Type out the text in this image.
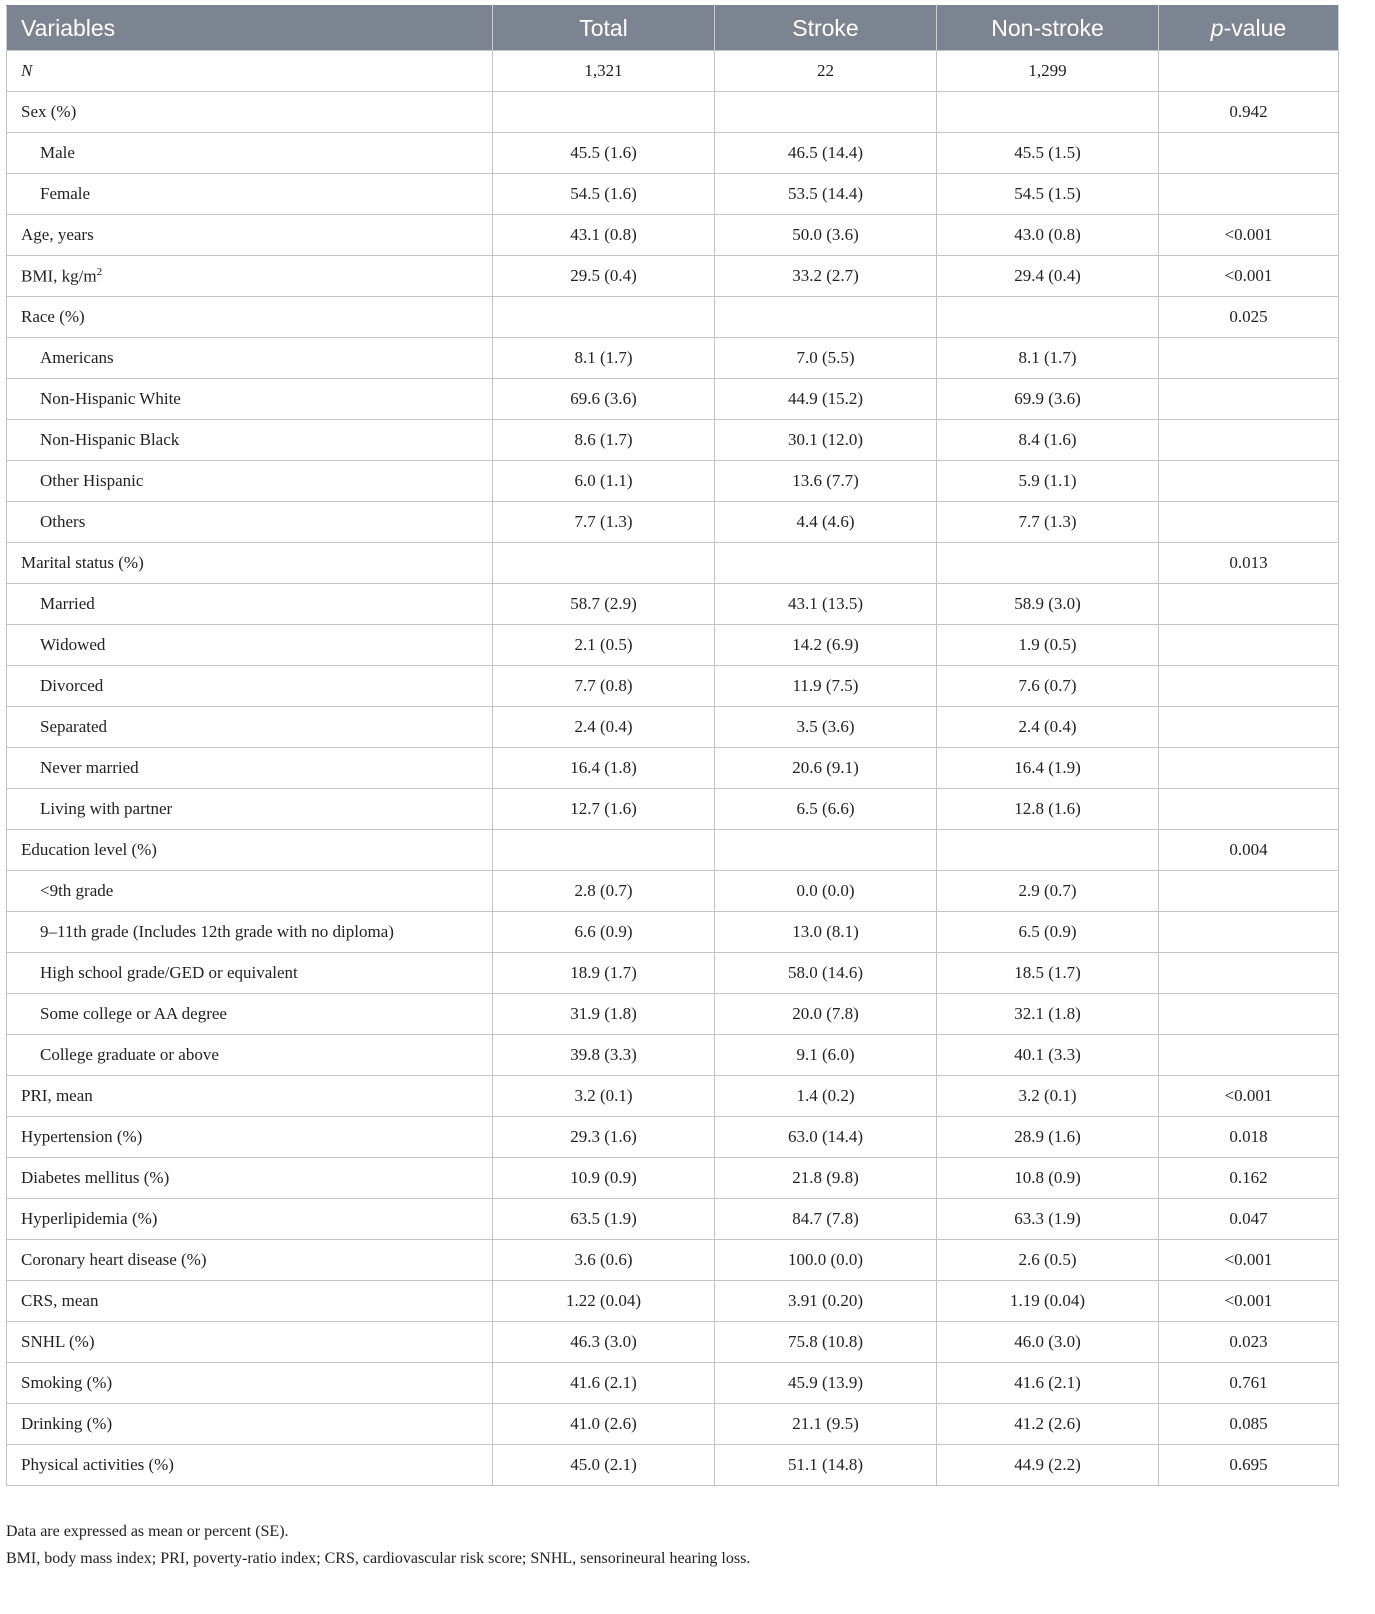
Variables	Total	Stroke	Non-stroke	p-value
N	1,321	22	1,299	
Sex (%)				0.942
Male	45.5 (1.6)	46.5 (14.4)	45.5 (1.5)	
Female	54.5 (1.6)	53.5 (14.4)	54.5 (1.5)	
Age, years	43.1 (0.8)	50.0 (3.6)	43.0 (0.8)	<0.001
BMI, $kg/m^2$	29.5 (0.4)	33.2 (2.7)	29.4 (0.4)	<0.001
Race (%)				0.025
Americans	8.1 (1.7)	7.0 (5.5)	8.1 (1.7)	
Non-Hispanic White	69.6 (3.6)	44.9 (15.2)	69.9 (3.6)	
Non-Hispanic Black	8.6 (1.7)	30.1 (12.0)	8.4 (1.6)	
Other Hispanic	6.0 (1.1)	13.6 (7.7)	5.9 (1.1)	
Others	7.7 (1.3)	4.4 (4.6)	7.7 (1.3)	
Marital status (%)				0.013
Married	58.7 (2.9)	43.1 (13.5)	58.9 (3.0)	
Widowed	2.1 (0.5)	14.2 (6.9)	1.9 (0.5)	
Divorced	7.7 (0.8)	11.9 (7.5)	7.6 (0.7)	
Separated	2.4 (0.4)	3.5 (3.6)	2.4 (0.4)	
Never married	16.4 (1.8)	20.6 (9.1)	16.4 (1.9)	
Living with partner	12.7 (1.6)	6.5 (6.6)	12.8 (1.6)	
Education level (%)				0.004
<9th grade	2.8 (0.7)	0.0 (0.0)	2.9 (0.7)	
9–11th grade (Includes 12th grade with no diploma)	6.6 (0.9)	13.0 (8.1)	6.5 (0.9)	
High school grade/GED or equivalent	18.9 (1.7)	58.0 (14.6)	18.5 (1.7)	
Some college or AA degree	31.9 (1.8)	20.0 (7.8)	32.1 (1.8)	
College graduate or above	39.8 (3.3)	9.1 (6.0)	40.1 (3.3)	
PRI, mean	3.2 (0.1)	1.4 (0.2)	3.2 (0.1)	<0.001
Hypertension (%)	29.3 (1.6)	63.0 (14.4)	28.9 (1.6)	0.018
Diabetes mellitus (%)	10.9 (0.9)	21.8 (9.8)	10.8 (0.9)	0.162
Hyperlipidemia (%)	63.5 (1.9)	84.7 (7.8)	63.3 (1.9)	0.047
Coronary heart disease (%)	3.6 (0.6)	100.0 (0.0)	2.6 (0.5)	<0.001
CRS, mean	1.22 (0.04)	3.91 (0.20)	1.19 (0.04)	<0.001
SNHL (%)	46.3 (3.0)	75.8 (10.8)	46.0 (3.0)	0.023
Smoking (%)	41.6 (2.1)	45.9 (13.9)	41.6 (2.1)	0.761
Drinking (%)	41.0 (2.6)	21.1 (9.5)	41.2 (2.6)	0.085
Physical activities (%)	45.0 (2.1)	51.1 (14.8)	44.9 (2.2)	0.695
Data are expressed as mean or percent (SE).
BMI, body mass index; PRI, poverty-ratio index; CRS, cardiovascular risk score; SNHL, sensorineural hearing loss.
